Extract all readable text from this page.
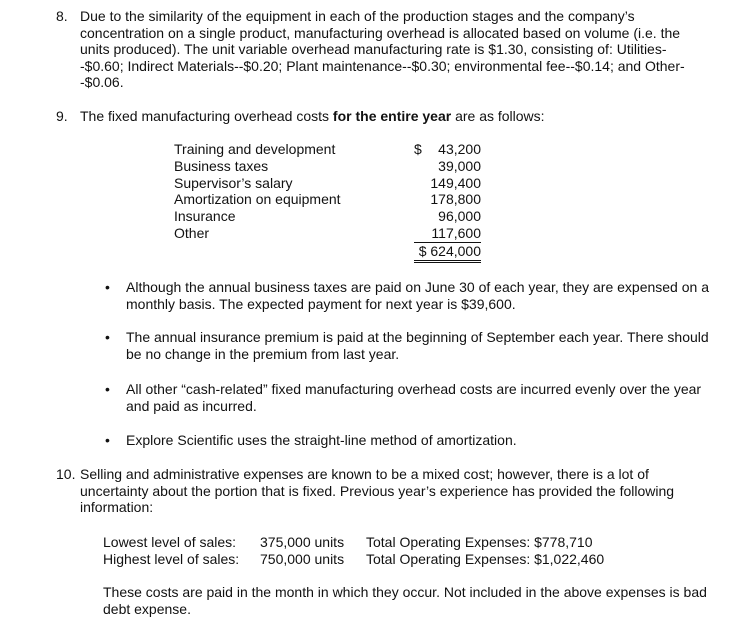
8. Due to the similarity of the equipment in each of the production stages and the company’s concentration on a single product, manufacturing overhead is allocated based on volume (i.e. the units produced). The unit variable overhead manufacturing rate is $1.30, consisting of: Utilities--$0.60; Indirect Materials--$0.20; Plant maintenance--$0.30; environmental fee--$0.14; and Other--$0.06.

9. The fixed manufacturing overhead costs for the entire year are as follows:

Training and development	$ 43,200
Business taxes	39,000
Supervisor’s salary	149,400
Amortization on equipment	178,800
Insurance	96,000
Other	117,600
	$ 624,000
• Although the annual business taxes are paid on June 30 of each year, they are expensed on a monthly basis. The expected payment for next year is $39,600.

• The annual insurance premium is paid at the beginning of September each year. There should be no change in the premium from last year.

• All other “cash-related” fixed manufacturing overhead costs are incurred evenly over the year and paid as incurred.

• Explore Scientific uses the straight-line method of amortization.

10. Selling and administrative expenses are known to be a mixed cost; however, there is a lot of uncertainty about the portion that is fixed. Previous year’s experience has provided the following information:

Lowest level of sales:	375,000 units	Total Operating Expenses: $778,710
Highest level of sales:	750,000 units	Total Operating Expenses: $1,022,460

These costs are paid in the month in which they occur. Not included in the above expenses is bad debt expense.
